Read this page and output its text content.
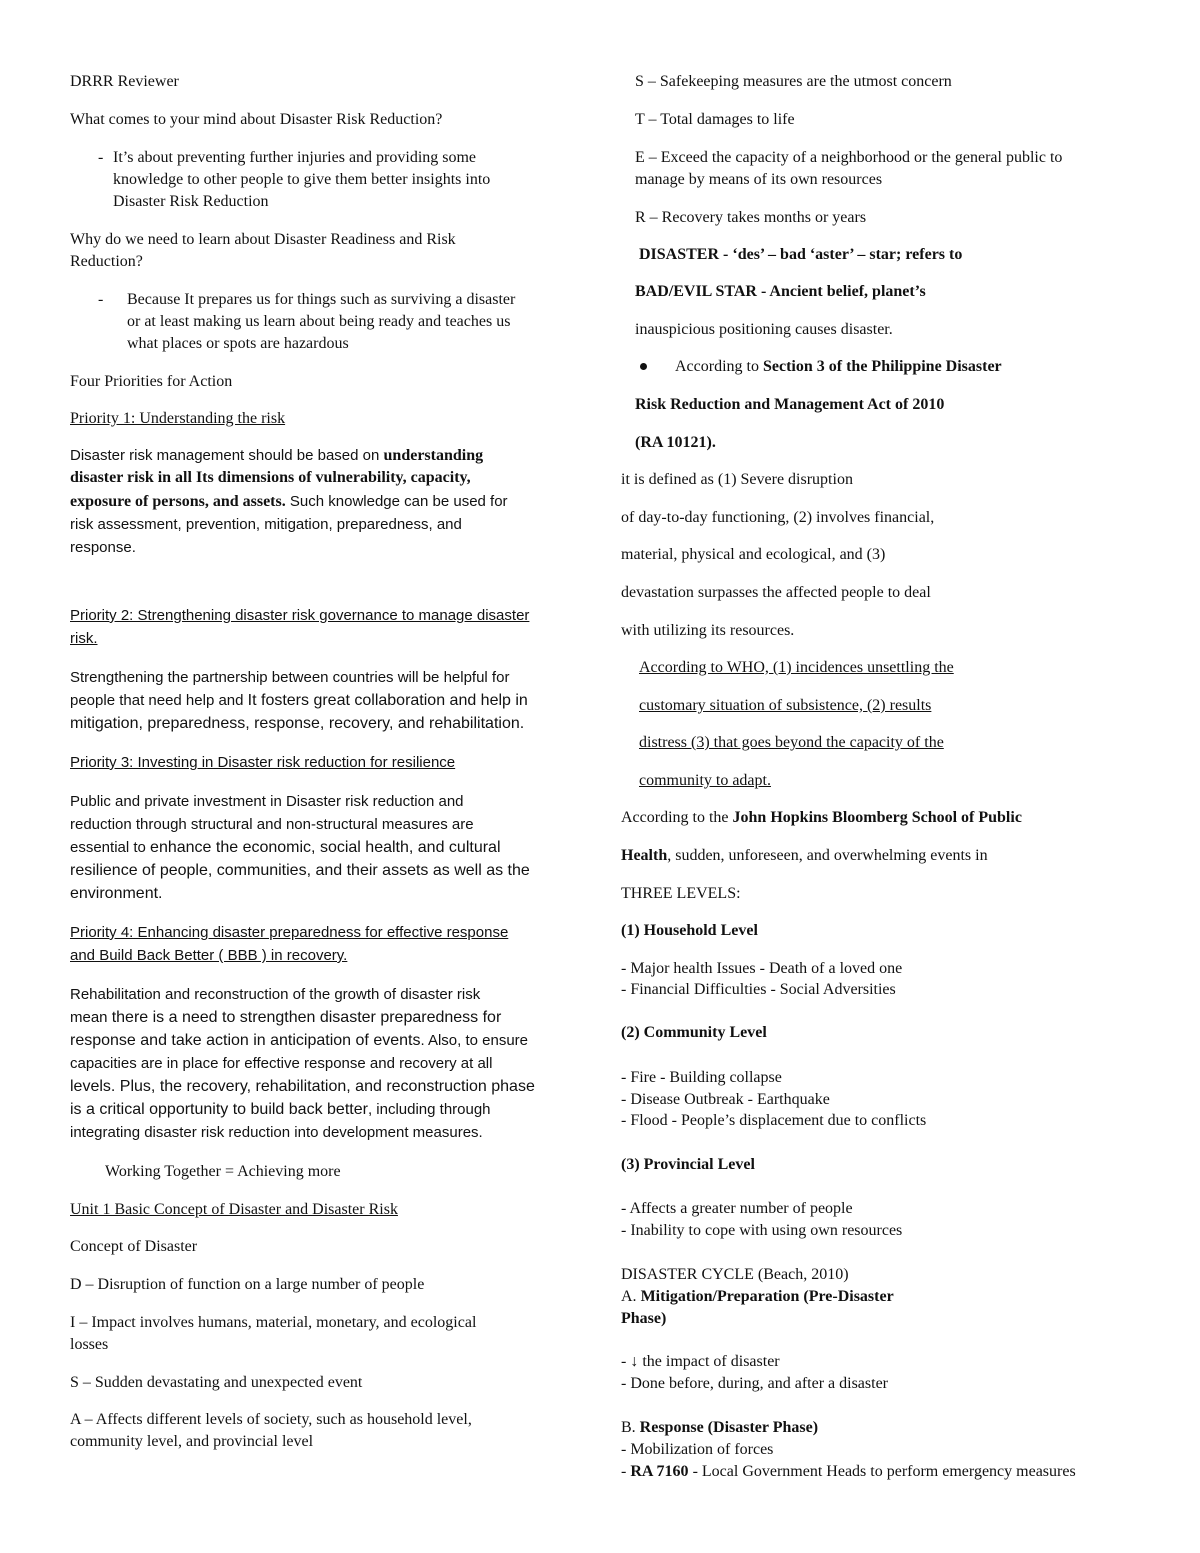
DRRR Reviewer
What comes to your mind about Disaster Risk Reduction?
- It’s about preventing further injuries and providing some
knowledge to other people to give them better insights into
Disaster Risk Reduction
Why do we need to learn about Disaster Readiness and Risk
Reduction?
- Because It prepares us for things such as surviving a disaster
or at least making us learn about being ready and teaches us
what places or spots are hazardous
Four Priorities for Action
Priority 1: Understanding the risk
Disaster risk management should be based on understanding
disaster risk in all Its dimensions of vulnerability, capacity,
exposure of persons, and assets. Such knowledge can be used for
risk assessment, prevention, mitigation, preparedness, and
response.
Priority 2: Strengthening disaster risk governance to manage disaster
risk.
Strengthening the partnership between countries will be helpful for
people that need help and It fosters great collaboration and help in
mitigation, preparedness, response, recovery, and rehabilitation.
Priority 3: Investing in Disaster risk reduction for resilience
Public and private investment in Disaster risk reduction and
reduction through structural and non-structural measures are
essential to enhance the economic, social health, and cultural
resilience of people, communities, and their assets as well as the
environment.
Priority 4: Enhancing disaster preparedness for effective response
and Build Back Better ( BBB ) in recovery.
Rehabilitation and reconstruction of the growth of disaster risk
mean there is a need to strengthen disaster preparedness for
response and take action in anticipation of events. Also, to ensure
capacities are in place for effective response and recovery at all
levels. Plus, the recovery, rehabilitation, and reconstruction phase
is a critical opportunity to build back better, including through
integrating disaster risk reduction into development measures.
Working Together = Achieving more
Unit 1 Basic Concept of Disaster and Disaster Risk
Concept of Disaster
D – Disruption of function on a large number of people
I – Impact involves humans, material, monetary, and ecological
losses
S – Sudden devastating and unexpected event
A – Affects different levels of society, such as household level,
community level, and provincial level
S – Safekeeping measures are the utmost concern
T – Total damages to life
E – Exceed the capacity of a neighborhood or the general public to
manage by means of its own resources
R – Recovery takes months or years
DISASTER - ‘des’ – bad ‘aster’ – star; refers to
BAD/EVIL STAR - Ancient belief, planet’s
inauspicious positioning causes disaster.
According to Section 3 of the Philippine Disaster
Risk Reduction and Management Act of 2010
(RA 10121).
it is defined as (1) Severe disruption
of day-to-day functioning, (2) involves financial,
material, physical and ecological, and (3)
devastation surpasses the affected people to deal
with utilizing its resources.
According to WHO, (1) incidences unsettling the
customary situation of subsistence, (2) results
distress (3) that goes beyond the capacity of the
community to adapt.
According to the John Hopkins Bloomberg School of Public
Health, sudden, unforeseen, and overwhelming events in
THREE LEVELS:
(1) Household Level
- Major health Issues - Death of a loved one
- Financial Difficulties - Social Adversities
(2) Community Level
- Fire - Building collapse
- Disease Outbreak - Earthquake
- Flood - People’s displacement due to conflicts
(3) Provincial Level
- Affects a greater number of people
- Inability to cope with using own resources
DISASTER CYCLE (Beach, 2010)
A. Mitigation/Preparation (Pre-Disaster
Phase)
- ↓ the impact of disaster
- Done before, during, and after a disaster
B. Response (Disaster Phase)
- Mobilization of forces
- RA 7160 - Local Government Heads to perform emergency measures
